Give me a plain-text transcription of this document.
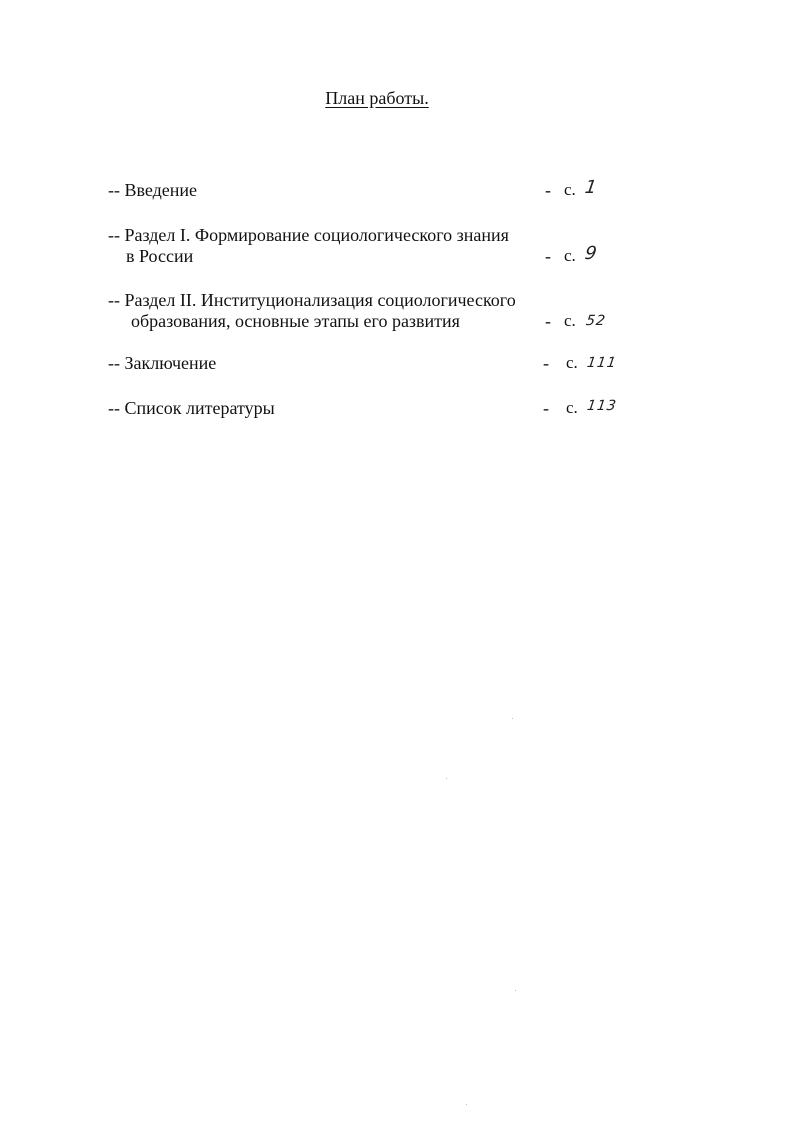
План работы.
-- Введение	- с. 1
-- Раздел I. Формирование социологического знания
в России	- с. 9
-- Раздел II. Институционализация социологического
образования, основные этапы его развития	- с. 52
-- Заключение	- с. 111
-- Список литературы	- с. 113
